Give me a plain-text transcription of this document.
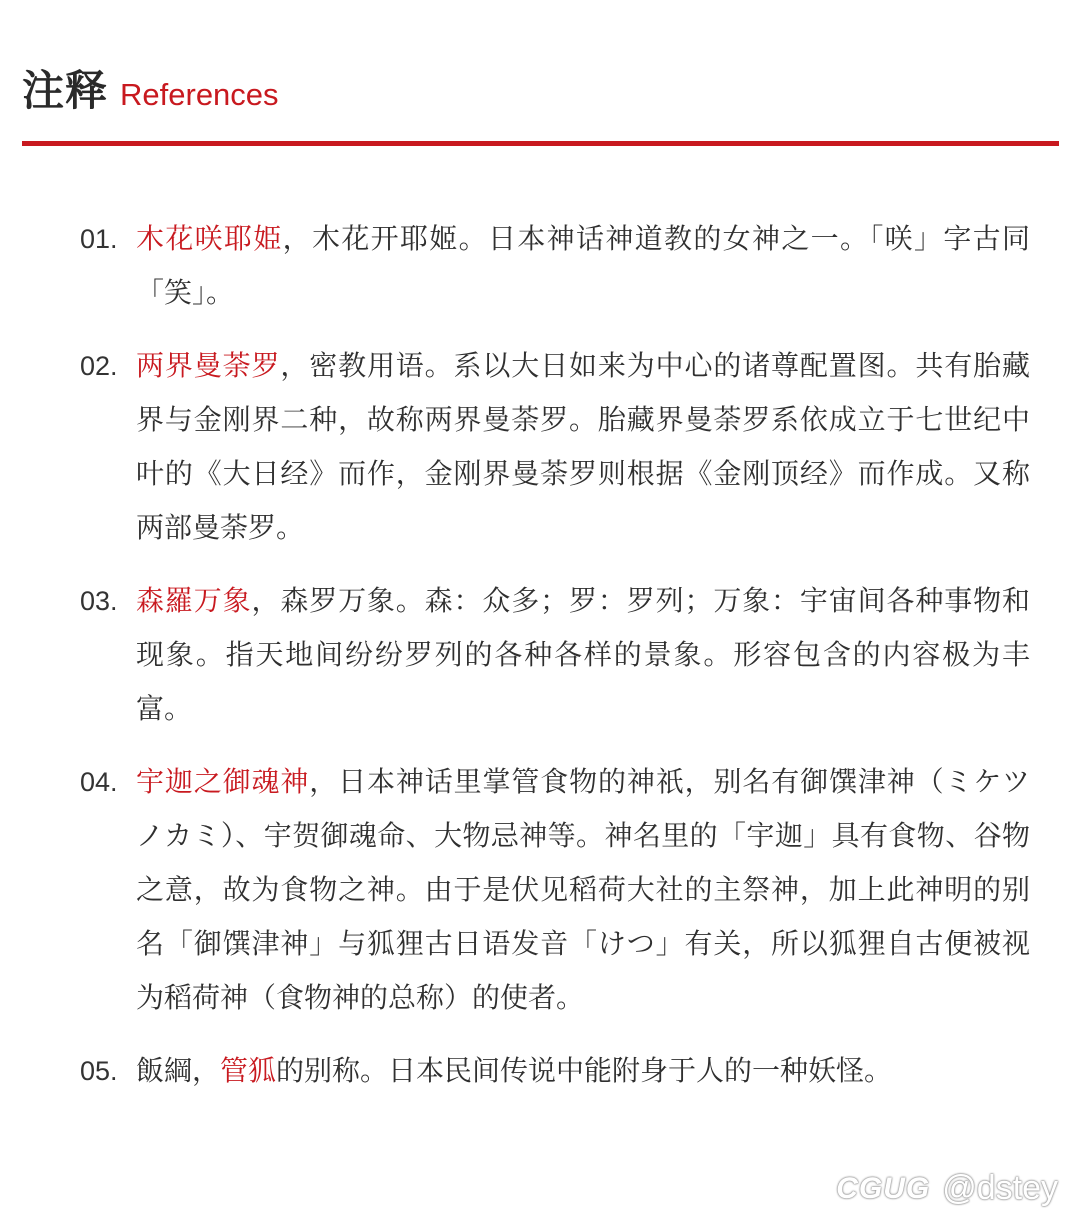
注释 References
01. 木花咲耶姫，木花开耶姬。日本神话神道教的女神之一。「咲」字古同「笑」。
02. 两界曼荼罗，密教用语。系以大日如来为中心的诸尊配置图。共有胎藏界与金刚界二种，故称两界曼荼罗。胎藏界曼荼罗系依成立于七世纪中叶的《大日经》而作，金刚界曼荼罗则根据《金刚顶经》而作成。又称两部曼荼罗。
03. 森羅万象，森罗万象。森：众多；罗：罗列；万象：宇宙间各种事物和现象。指天地间纷纷罗列的各种各样的景象。形容包含的内容极为丰富。
04. 宇迦之御魂神，日本神话里掌管食物的神祇，别名有御馔津神（ミケツノカミ）、宇贺御魂命、大物忌神等。神名里的「宇迦」具有食物、谷物之意，故为食物之神。由于是伏见稻荷大社的主祭神，加上此神明的别名「御馔津神」与狐狸古日语发音「けつ」有关，所以狐狸自古便被视为稻荷神（食物神的总称）的使者。
05. 飯綱，管狐的别称。日本民间传说中能附身于人的一种妖怪。
CGUG @dstey
